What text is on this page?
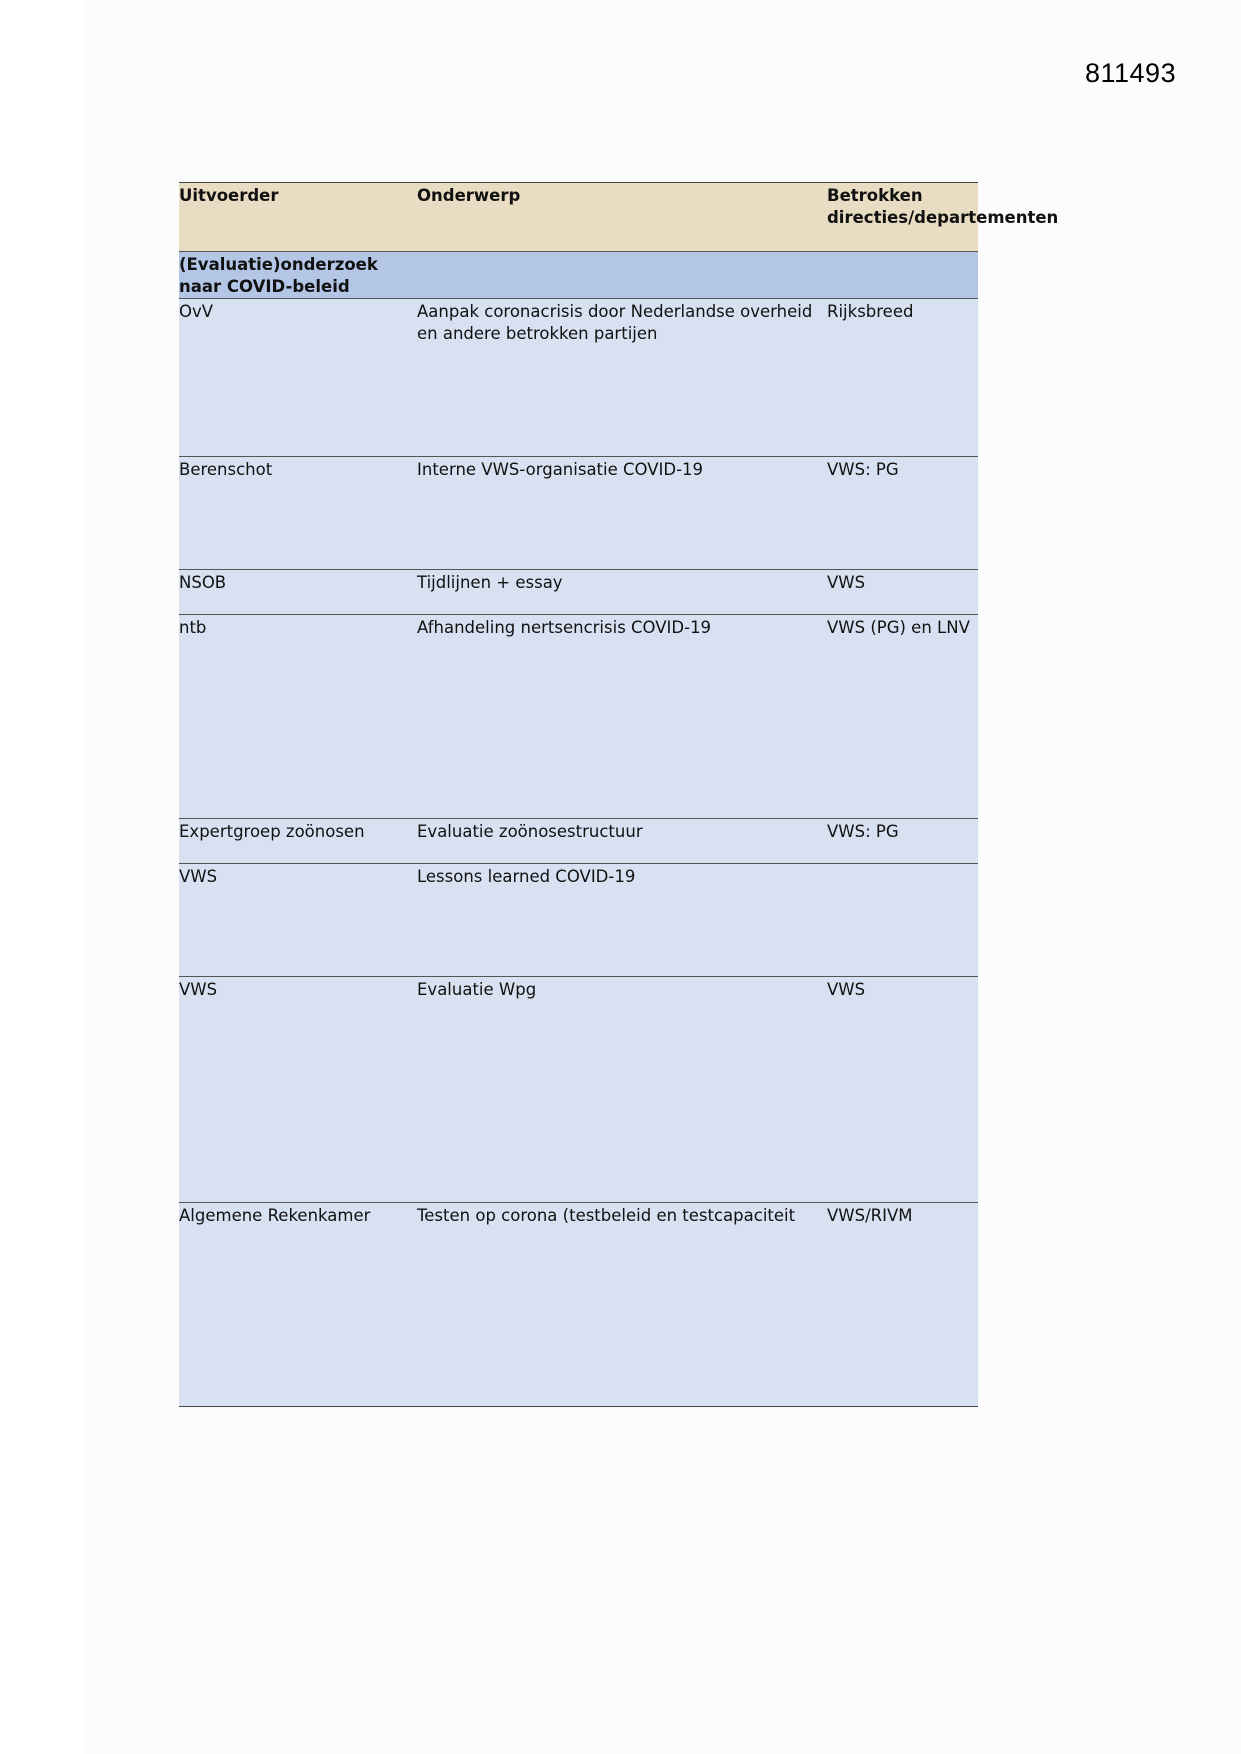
811493
Uitvoerder	Onderwerp	Betrokken directies/departementen
(Evaluatie)onderzoek naar COVID-beleid		
OvV	Aanpak coronacrisis door Nederlandse overheid en andere betrokken partijen	Rijksbreed
Berenschot	Interne VWS-organisatie COVID-19	VWS: PG
NSOB	Tijdlijnen + essay	VWS
ntb	Afhandeling nertsencrisis COVID-19	VWS (PG) en LNV
Expertgroep zoönosen	Evaluatie zoönosestructuur	VWS: PG
VWS	Lessons learned COVID-19	
VWS	Evaluatie Wpg	VWS
Algemene Rekenkamer	Testen op corona (testbeleid en testcapaciteit	VWS/RIVM
